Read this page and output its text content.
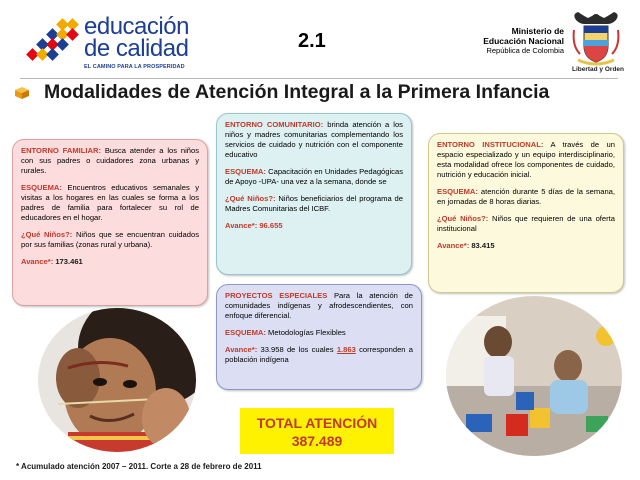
educación
de calidad
EL CAMINO PARA LA PROSPERIDAD
2.1	Ministerio de
Educación Nacional
República de Colombia
Libertad y Orden
Modalidades de Atención Integral a la Primera Infancia

ENTORNO FAMILIAR: Busca atender a los niños con sus padres o cuidadores zona urbanas y rurales.

ESQUEMA: Encuentros educativos semanales y visitas a los hogares en las cuales se forma a los padres de familia para fortalecer su rol de educadores en el hogar.

¿Qué Niños?: Niños que se encuentran cuidados por sus familias (zonas rural y urbana).

Avance*: 173.461

ENTORNO COMUNITARIO: brinda atención a los niños y madres comunitarias complementando los servicios de cuidado y nutrición con el componente educativo

ESQUEMA: Capacitación en Unidades Pedagógicas de Apoyo -UPA- una vez a la semana, donde se

¿Qué Niños?: Niños beneficiarios del programa de Madres Comunitarias del ICBF.

Avance*: 96.655

ENTORNO INSTITUCIONAL: A través de un espacio especializado y un equipo interdisciplinario, esta modalidad ofrece los componentes de cuidado, nutrición y educación inicial.

ESQUEMA: atención durante 5 días de la semana, en jornadas de 8 horas diarias.

¿Qué Niños?: Niños que requieren de una oferta institucional

Avance*: 83.415

PROYECTOS ESPECIALES Para la atención de comunidades indígenas y afrodescendientes, con enfoque diferencial.

ESQUEMA: Metodologías Flexibles

Avance*: 33.958 de los cuales 1.863 corresponden a población indígena

TOTAL ATENCIÓN
387.489
* Acumulado atención 2007 – 2011. Corte a 28 de febrero de 2011
